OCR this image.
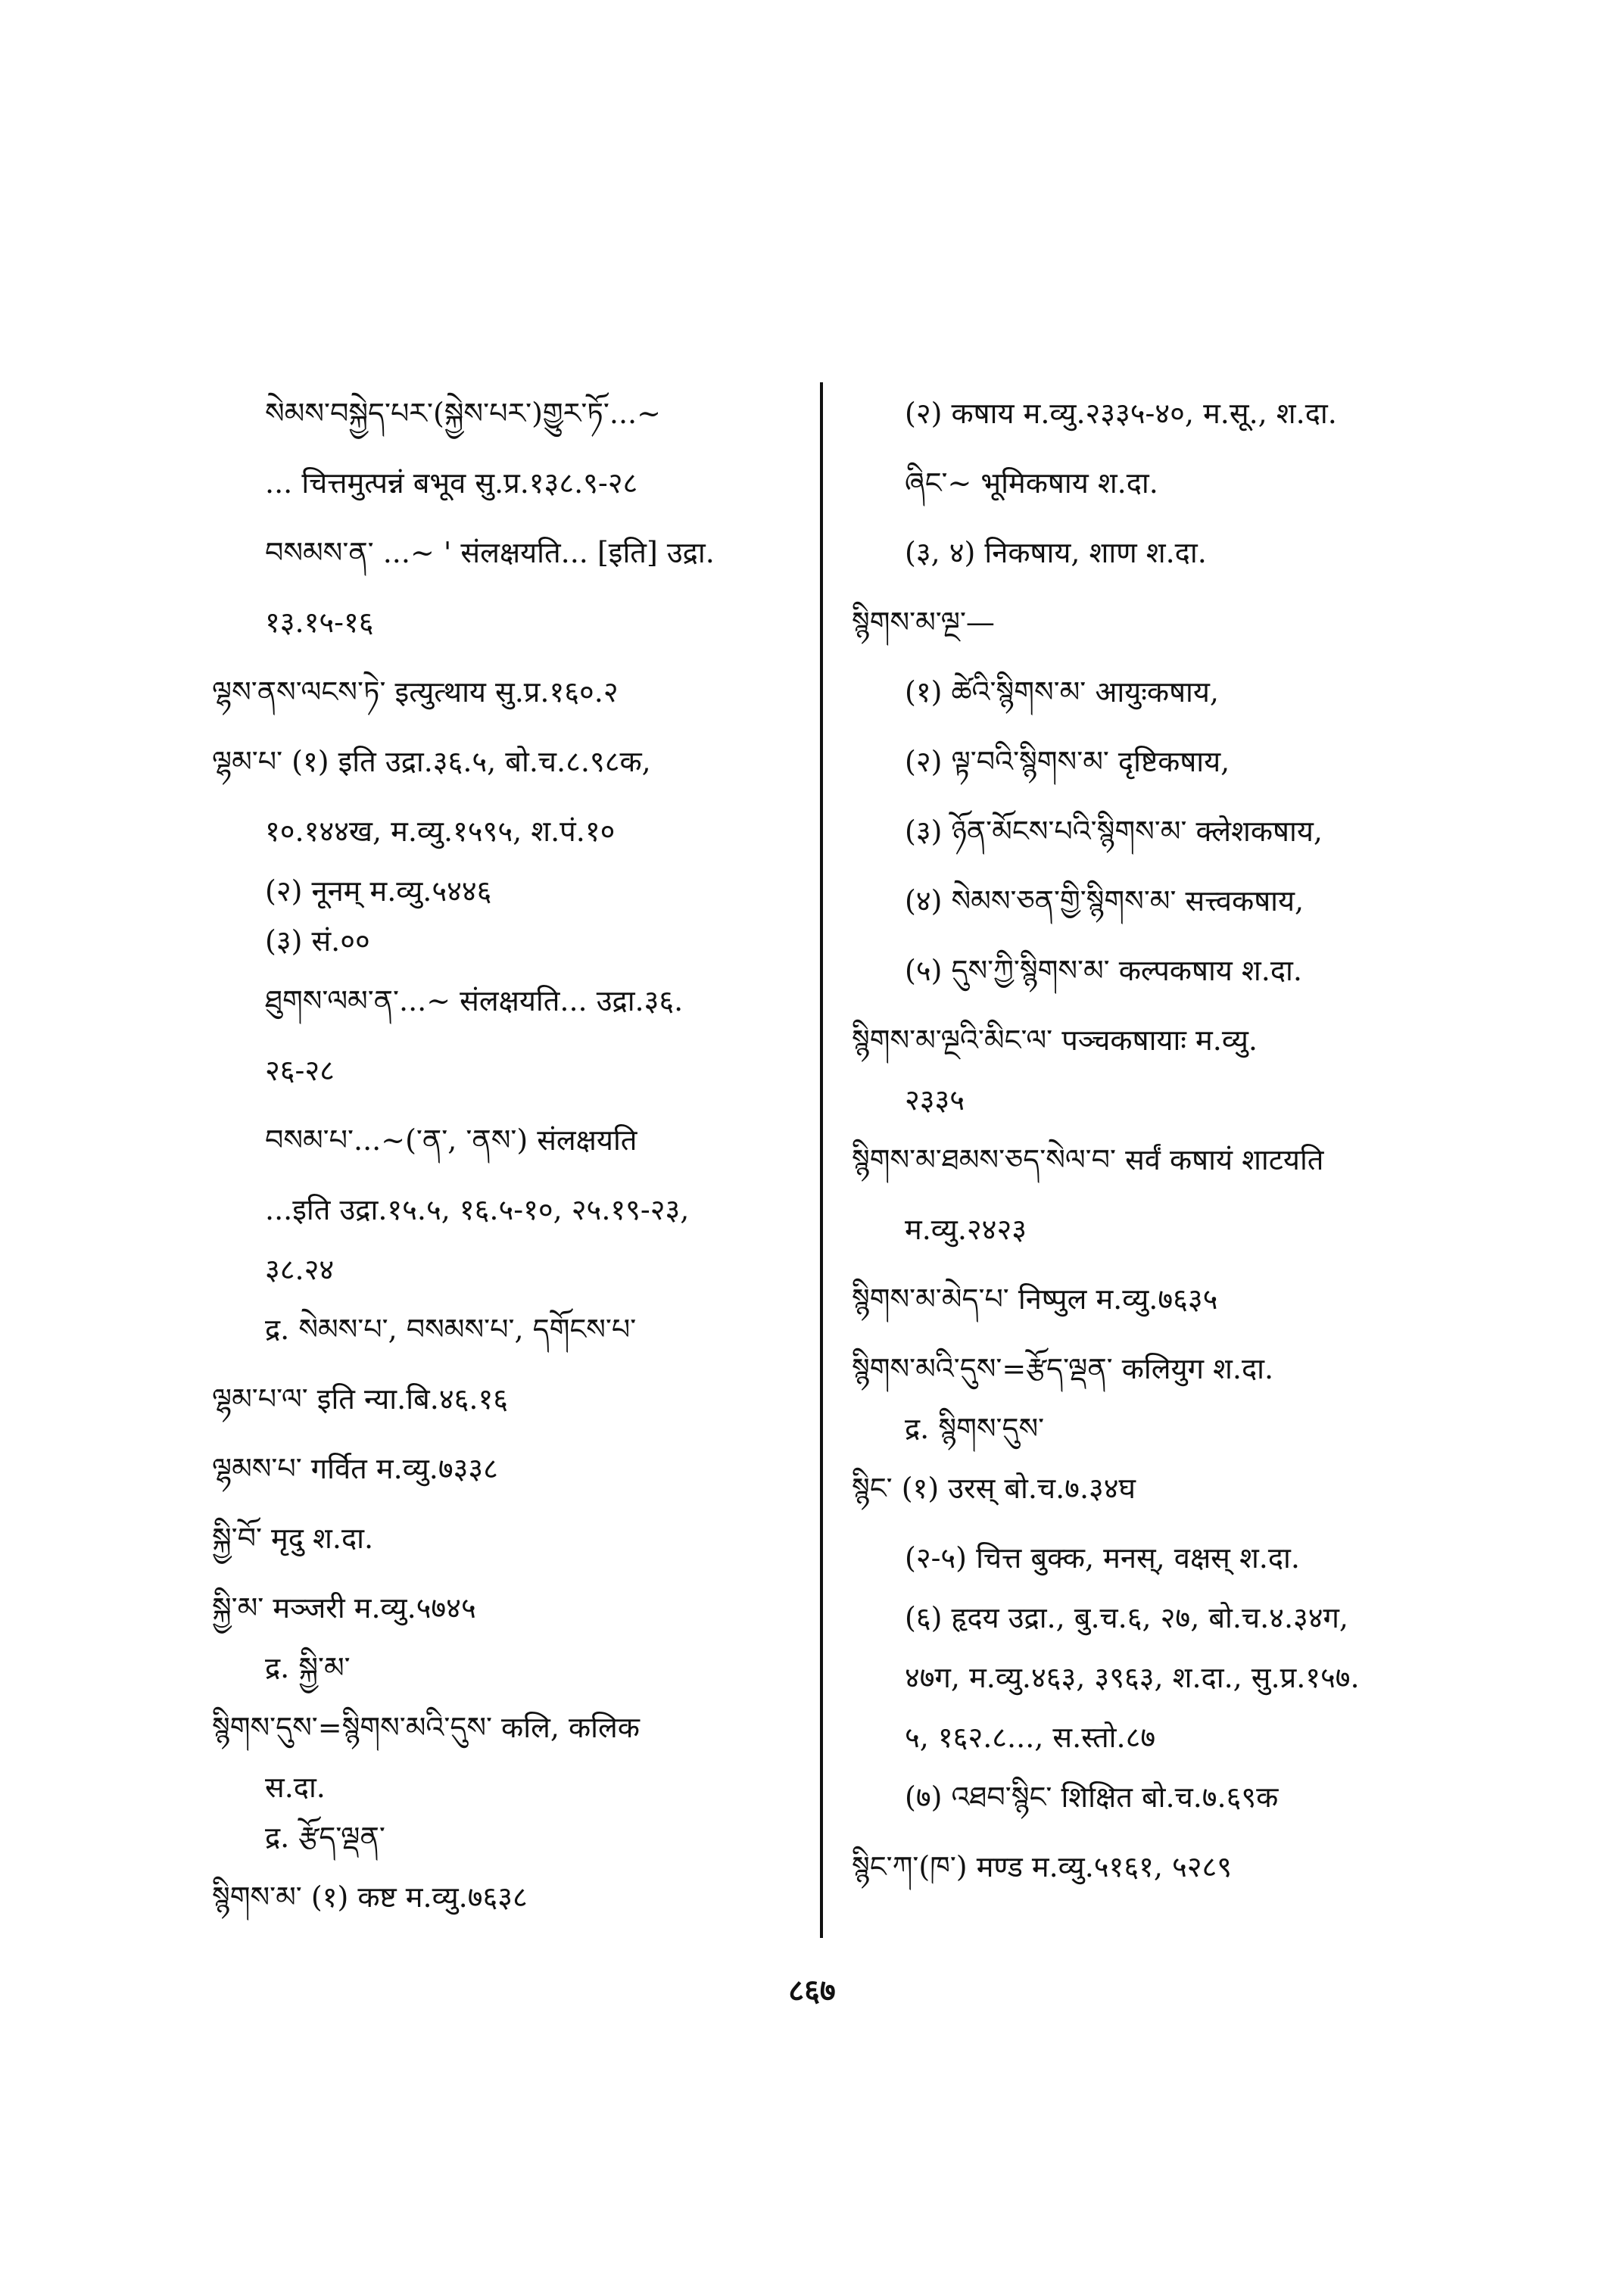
སེམས་བསྐྱེད་པར་(སྐྱེས་པར་)གྱུར་ཏོ་...~
... चित्तमुत्पन्नं बभूव सु.प्र.१३८.९-२८
བསམས་ན་ ...~ ' संलक्षयति... [इति] उद्रा.
१३.१५-१६
ལྷས་ནས་ལངས་ཏེ་ इत्युत्थाय सु.प्र.१६०.२
ལྷམ་པ་ (१) इति उद्रा.३६.५, बो.च.८.९८क,
१०.१४४ख, म.व्यु.१५९५, श.पं.१०
(२) नूनम् म.व्यु.५४४६
(३) सं.००
ཐུགས་ལམ་ན་...~ संलक्षयति... उद्रा.३६.
२६-२८
བསམ་པ་...~(་ན་, ་ནས་) संलक्षयति
...इति उद्रा.१५.५, १६.५-१०, २५.१९-२३,
३८.२४
द्र. སེམས་པ་, བསམས་པ་, དགོངས་པ་
ལྷམ་པ་ལ་ इति न्या.बि.४६.१६
ལྷམས་པ་ गर्वित म.व्यु.७३३८
སྐྱི་བོ་ मृदु श.दा.
སྐྱི་མ་ मञ्जरी म.व्यु.५७४५
द्र. སྐྱི་མ་
སྙིགས་དུས་=སྙིགས་མའི་དུས་ कलि, कलिक
स.दा.
द्र. རྩོད་ལྡན་
སྙིགས་མ་ (१) कष्ट म.व्यु.७६३८
(२) कषाय म.व्यु.२३३५-४०, म.सू., श.दा.
ཞིང་~ भूमिकषाय श.दा.
(३, ४) निकषाय, शाण श.दा.
སྙིགས་མ་ལྔ་—
(१) ཚེའི་སྙིགས་མ་ आयुःकषाय,
(२) ལྟ་བའི་སྙིགས་མ་ दृष्टिकषाय,
(३) ཉོན་མོངས་པའི་སྙིགས་མ་ क्लेशकषाय,
(४) སེམས་ཅན་གྱི་སྙིགས་མ་ सत्त्वकषाय,
(५) དུས་ཀྱི་སྙིགས་མ་ कल्पकषाय श.दा.
སྙིགས་མ་ལྔའི་མིང་ལ་ पञ्चकषायाः म.व्यु.
२३३५
སྙིགས་མ་ཐམས་ཅད་སེལ་བ་ सर्वं कषायं शाटयति
म.व्यु.२४२३
སྙིགས་མ་མེད་པ་ निष्पुल म.व्यु.७६३५
སྙིགས་མའི་དུས་=རྩོད་ལྡན་ कलियुग श.दा.
द्र. སྙིགས་དུས་
སྙིང་ (१) उरस् बो.च.७.३४घ
(२-५) चित्त बुक्क, मनस्, वक्षस् श.दा.
(६) हृदय उद्रा., बु.च.६, २७, बो.च.४.३४ग,
४७ग, म.व्यु.४६३, ३९६३, श.दा., सु.प्र.१५७.
५, १६२.८..., स.स्तो.८७
(७) འཐབ་སྙིང་ शिक्षित बो.च.७.६९क
སྙིང་ཀ་(ཁ་) मण्ड म.व्यु.५१६१, ५२८९
८६७
